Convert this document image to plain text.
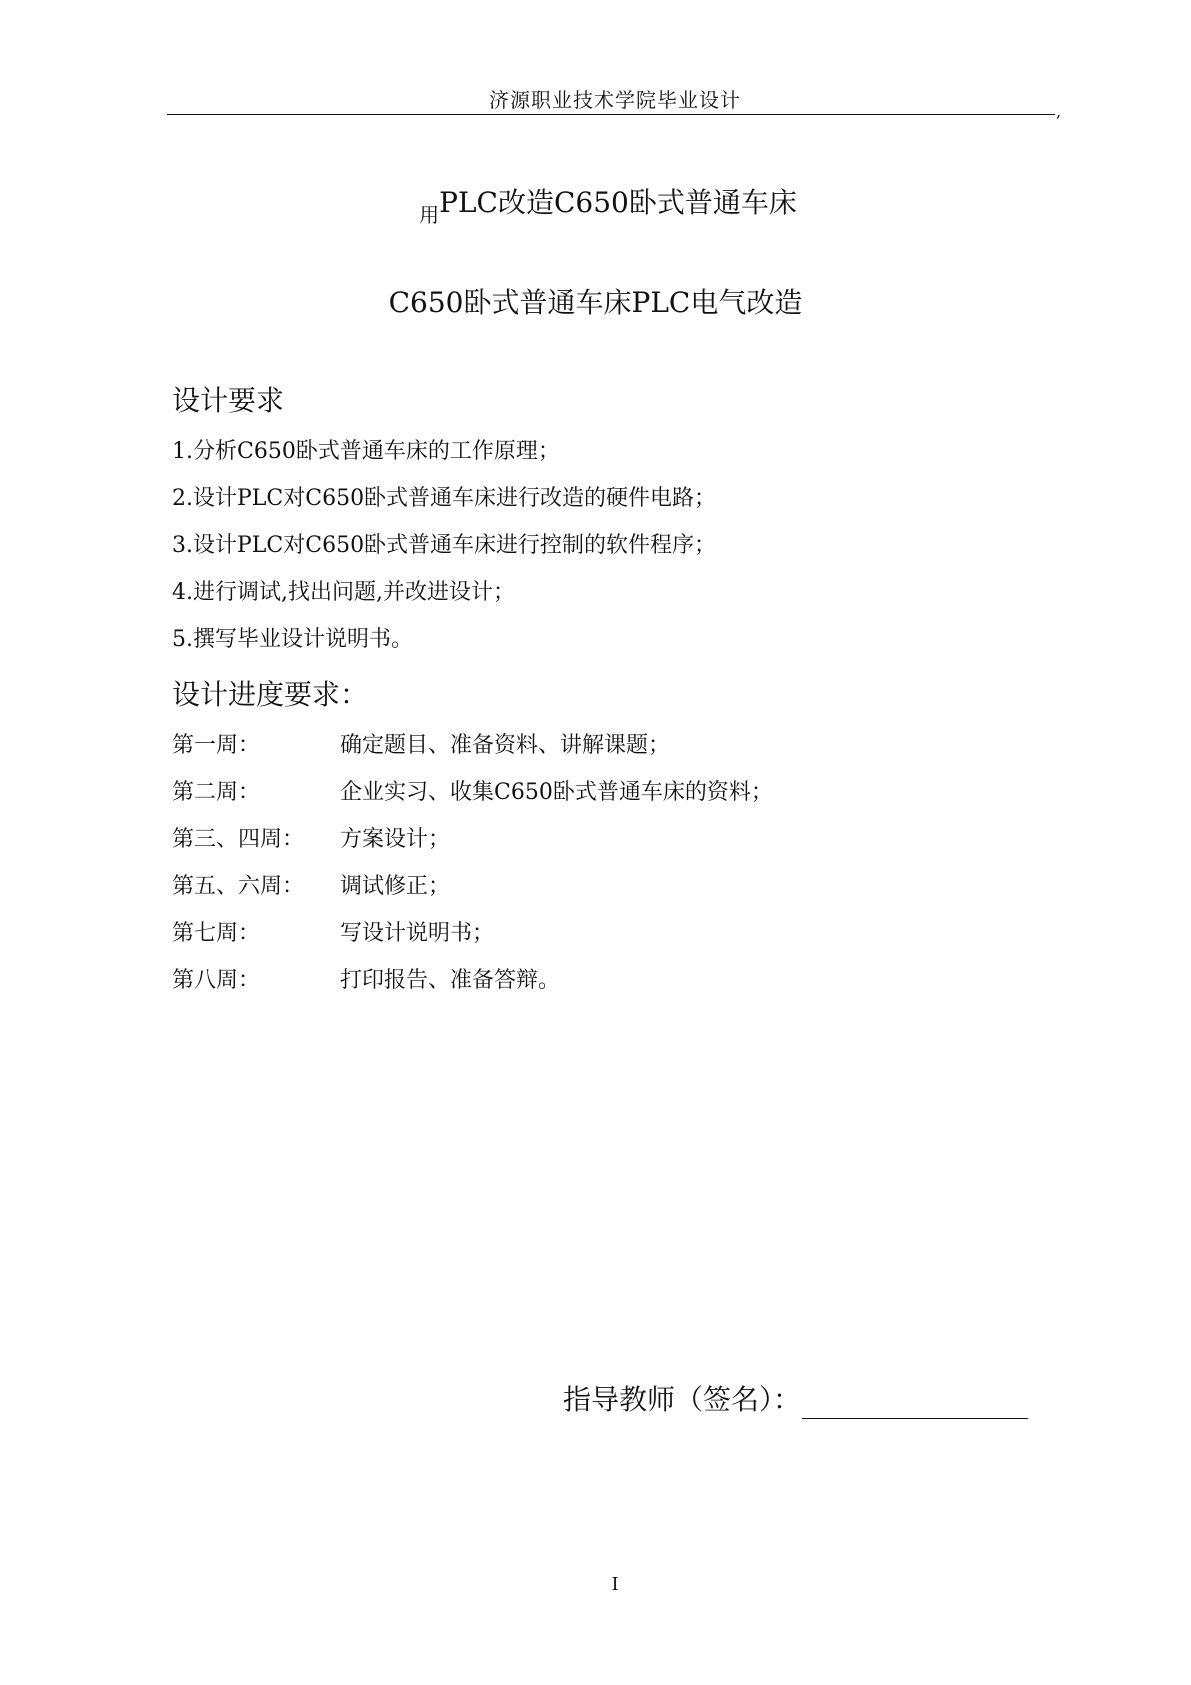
济源职业技术学院毕业设计	,
$_用$PLC改造C650卧式普通车床
C650卧式普通车床PLC电气改造
设计要求
1.分析C650卧式普通车床的工作原理；
2.设计PLC对C650卧式普通车床进行改造的硬件电路；
3.设计PLC对C650卧式普通车床进行控制的软件程序；
4.进行调试,找出问题,并改进设计；
5.撰写毕业设计说明书。
设计进度要求：
第一周：	确定题目、准备资料、讲解课题；
第二周：	企业实习、收集C650卧式普通车床的资料；
第三、四周： 方案设计；
第五、六周： 调试修正；
第七周：	写设计说明书；
第八周：	打印报告、准备答辩。
指导教师（签名）：
I
